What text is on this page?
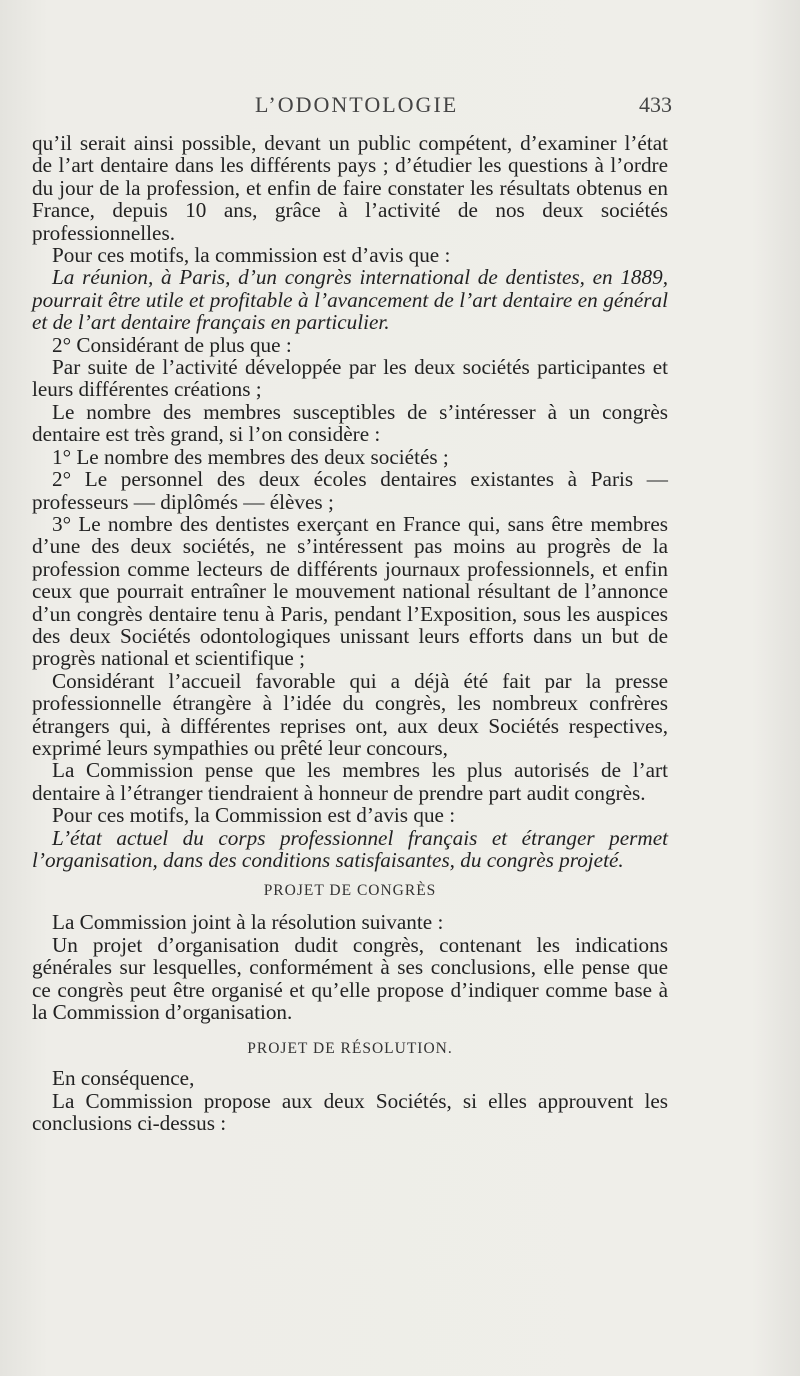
L’ODONTOLOGIE	433

qu’il serait ainsi possible, devant un public compétent, d’examiner l’état de l’art dentaire dans les différents pays ; d’étudier les questions à l’ordre du jour de la profession, et enfin de faire constater les résultats obtenus en France, depuis 10 ans, grâce à l’activité de nos deux sociétés professionnelles.

Pour ces motifs, la commission est d’avis que :

La réunion, à Paris, d’un congrès international de dentistes, en 1889, pourrait être utile et profitable à l’avancement de l’art dentaire en général et de l’art dentaire français en particulier.

2° Considérant de plus que :

Par suite de l’activité développée par les deux sociétés participantes et leurs différentes créations ;

Le nombre des membres susceptibles de s’intéresser à un congrès dentaire est très grand, si l’on considère :

1° Le nombre des membres des deux sociétés ;

2° Le personnel des deux écoles dentaires existantes à Paris — professeurs — diplômés — élèves ;

3° Le nombre des dentistes exerçant en France qui, sans être membres d’une des deux sociétés, ne s’intéressent pas moins au progrès de la profession comme lecteurs de différents journaux professionnels, et enfin ceux que pourrait entraîner le mouvement national résultant de l’annonce d’un congrès dentaire tenu à Paris, pendant l’Exposition, sous les auspices des deux Sociétés odontologiques unissant leurs efforts dans un but de progrès national et scientifique ;

Considérant l’accueil favorable qui a déjà été fait par la presse professionnelle étrangère à l’idée du congrès, les nombreux confrères étrangers qui, à différentes reprises ont, aux deux Sociétés respectives, exprimé leurs sympathies ou prêté leur concours,

La Commission pense que les membres les plus autorisés de l’art dentaire à l’étranger tiendraient à honneur de prendre part audit congrès.

Pour ces motifs, la Commission est d’avis que :

L’état actuel du corps professionnel français et étranger permet l’organisation, dans des conditions satisfaisantes, du congrès projeté.

PROJET DE CONGRÈS

La Commission joint à la résolution suivante :

Un projet d’organisation dudit congrès, contenant les indications générales sur lesquelles, conformément à ses conclusions, elle pense que ce congrès peut être organisé et qu’elle propose d’indiquer comme base à la Commission d’organisation.

PROJET DE RÉSOLUTION.

En conséquence,

La Commission propose aux deux Sociétés, si elles approuvent les conclusions ci-dessus :
